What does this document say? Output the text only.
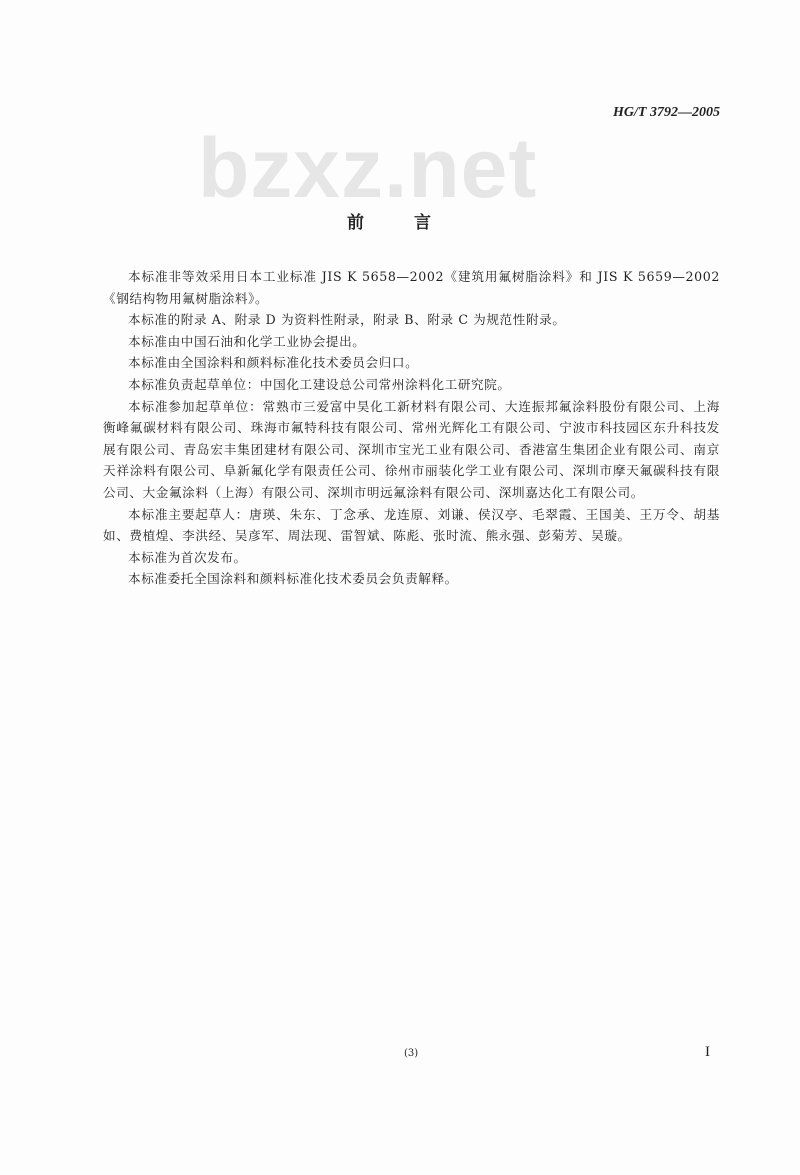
HG/T 3792—2005
bzxz.net
前 言

本标准非等效采用日本工业标准 JIS K 5658—2002《建筑用氟树脂涂料》和 JIS K 5659—2002《钢结构物用氟树脂涂料》。

本标准的附录 A、附录 D 为资料性附录，附录 B、附录 C 为规范性附录。

本标准由中国石油和化学工业协会提出。

本标准由全国涂料和颜料标准化技术委员会归口。

本标准负责起草单位：中国化工建设总公司常州涂料化工研究院。

本标准参加起草单位：常熟市三爱富中昊化工新材料有限公司、大连振邦氟涂料股份有限公司、上海衡峰氟碳材料有限公司、珠海市氟特科技有限公司、常州光辉化工有限公司、宁波市科技园区东升科技发展有限公司、青岛宏丰集团建材有限公司、深圳市宝光工业有限公司、香港富生集团企业有限公司、南京天祥涂料有限公司、阜新氟化学有限责任公司、徐州市丽装化学工业有限公司、深圳市摩天氟碳科技有限公司、大金氟涂料（上海）有限公司、深圳市明远氟涂料有限公司、深圳嘉达化工有限公司。

本标准主要起草人：唐瑛、朱东、丁念承、龙连原、刘谦、侯汉亭、毛翠霞、王国美、王万令、胡基如、费植煌、李洪经、吴彦军、周法现、雷智斌、陈彪、张时流、熊永强、彭菊芳、吴璇。

本标准为首次发布。

本标准委托全国涂料和颜料标准化技术委员会负责解释。

(3)	I
